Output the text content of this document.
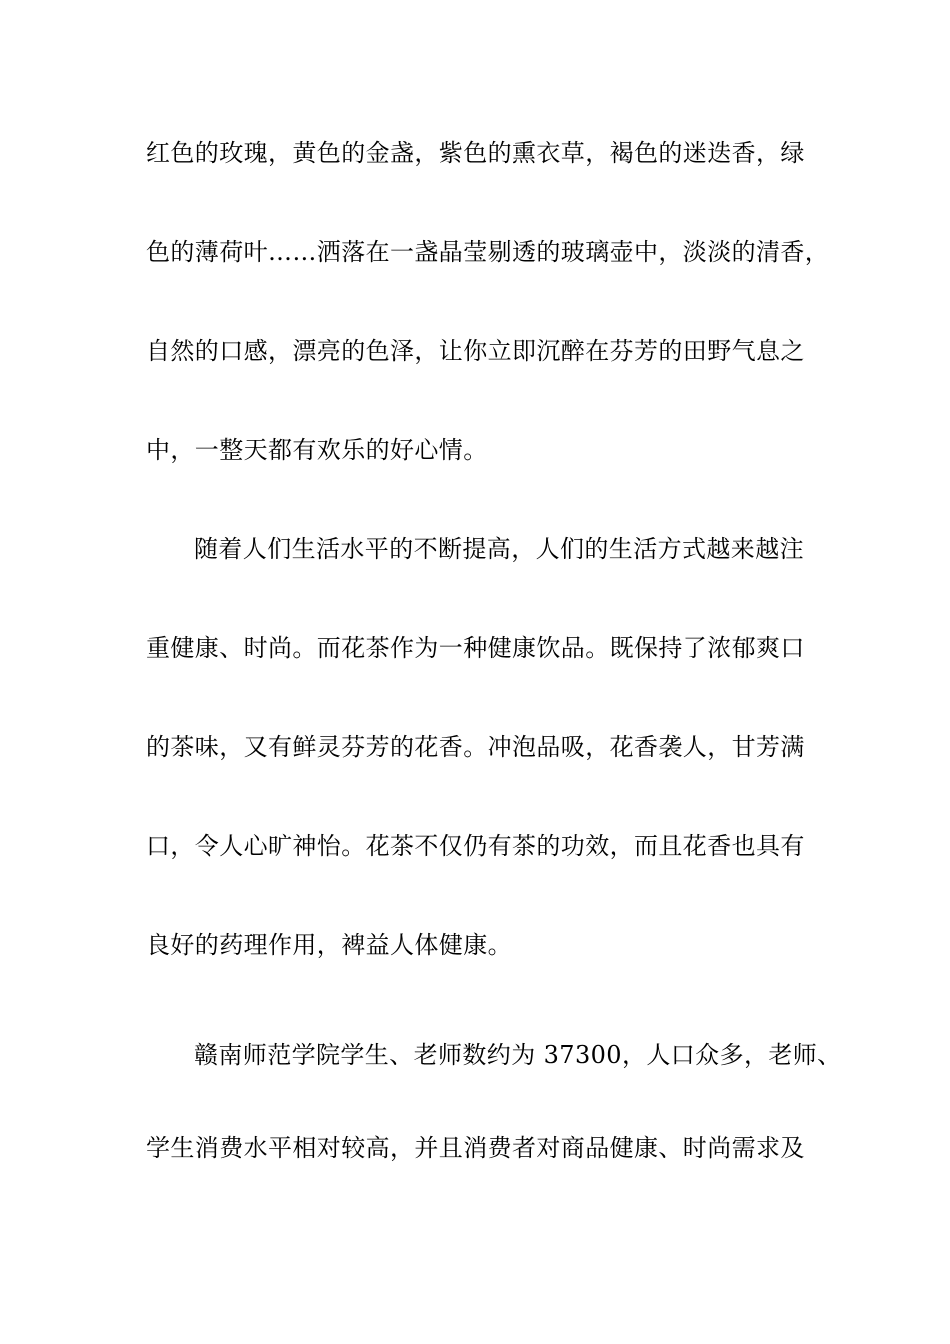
红色的玫瑰，黄色的金盏，紫色的熏衣草，褐色的迷迭香，绿
色的薄荷叶……洒落在一盏晶莹剔透的玻璃壶中，淡淡的清香，
自然的口感，漂亮的色泽，让你立即沉醉在芬芳的田野气息之
中，一整天都有欢乐的好心情。
随着人们生活水平的不断提高，人们的生活方式越来越注
重健康、时尚。而花茶作为一种健康饮品。既保持了浓郁爽口
的茶味，又有鲜灵芬芳的花香。冲泡品吸，花香袭人，甘芳满
口，令人心旷神怡。花茶不仅仍有茶的功效，而且花香也具有
良好的药理作用，裨益人体健康。
赣南师范学院学生、老师数约为 37300，人口众多，老师、
学生消费水平相对较高，并且消费者对商品健康、时尚需求及
